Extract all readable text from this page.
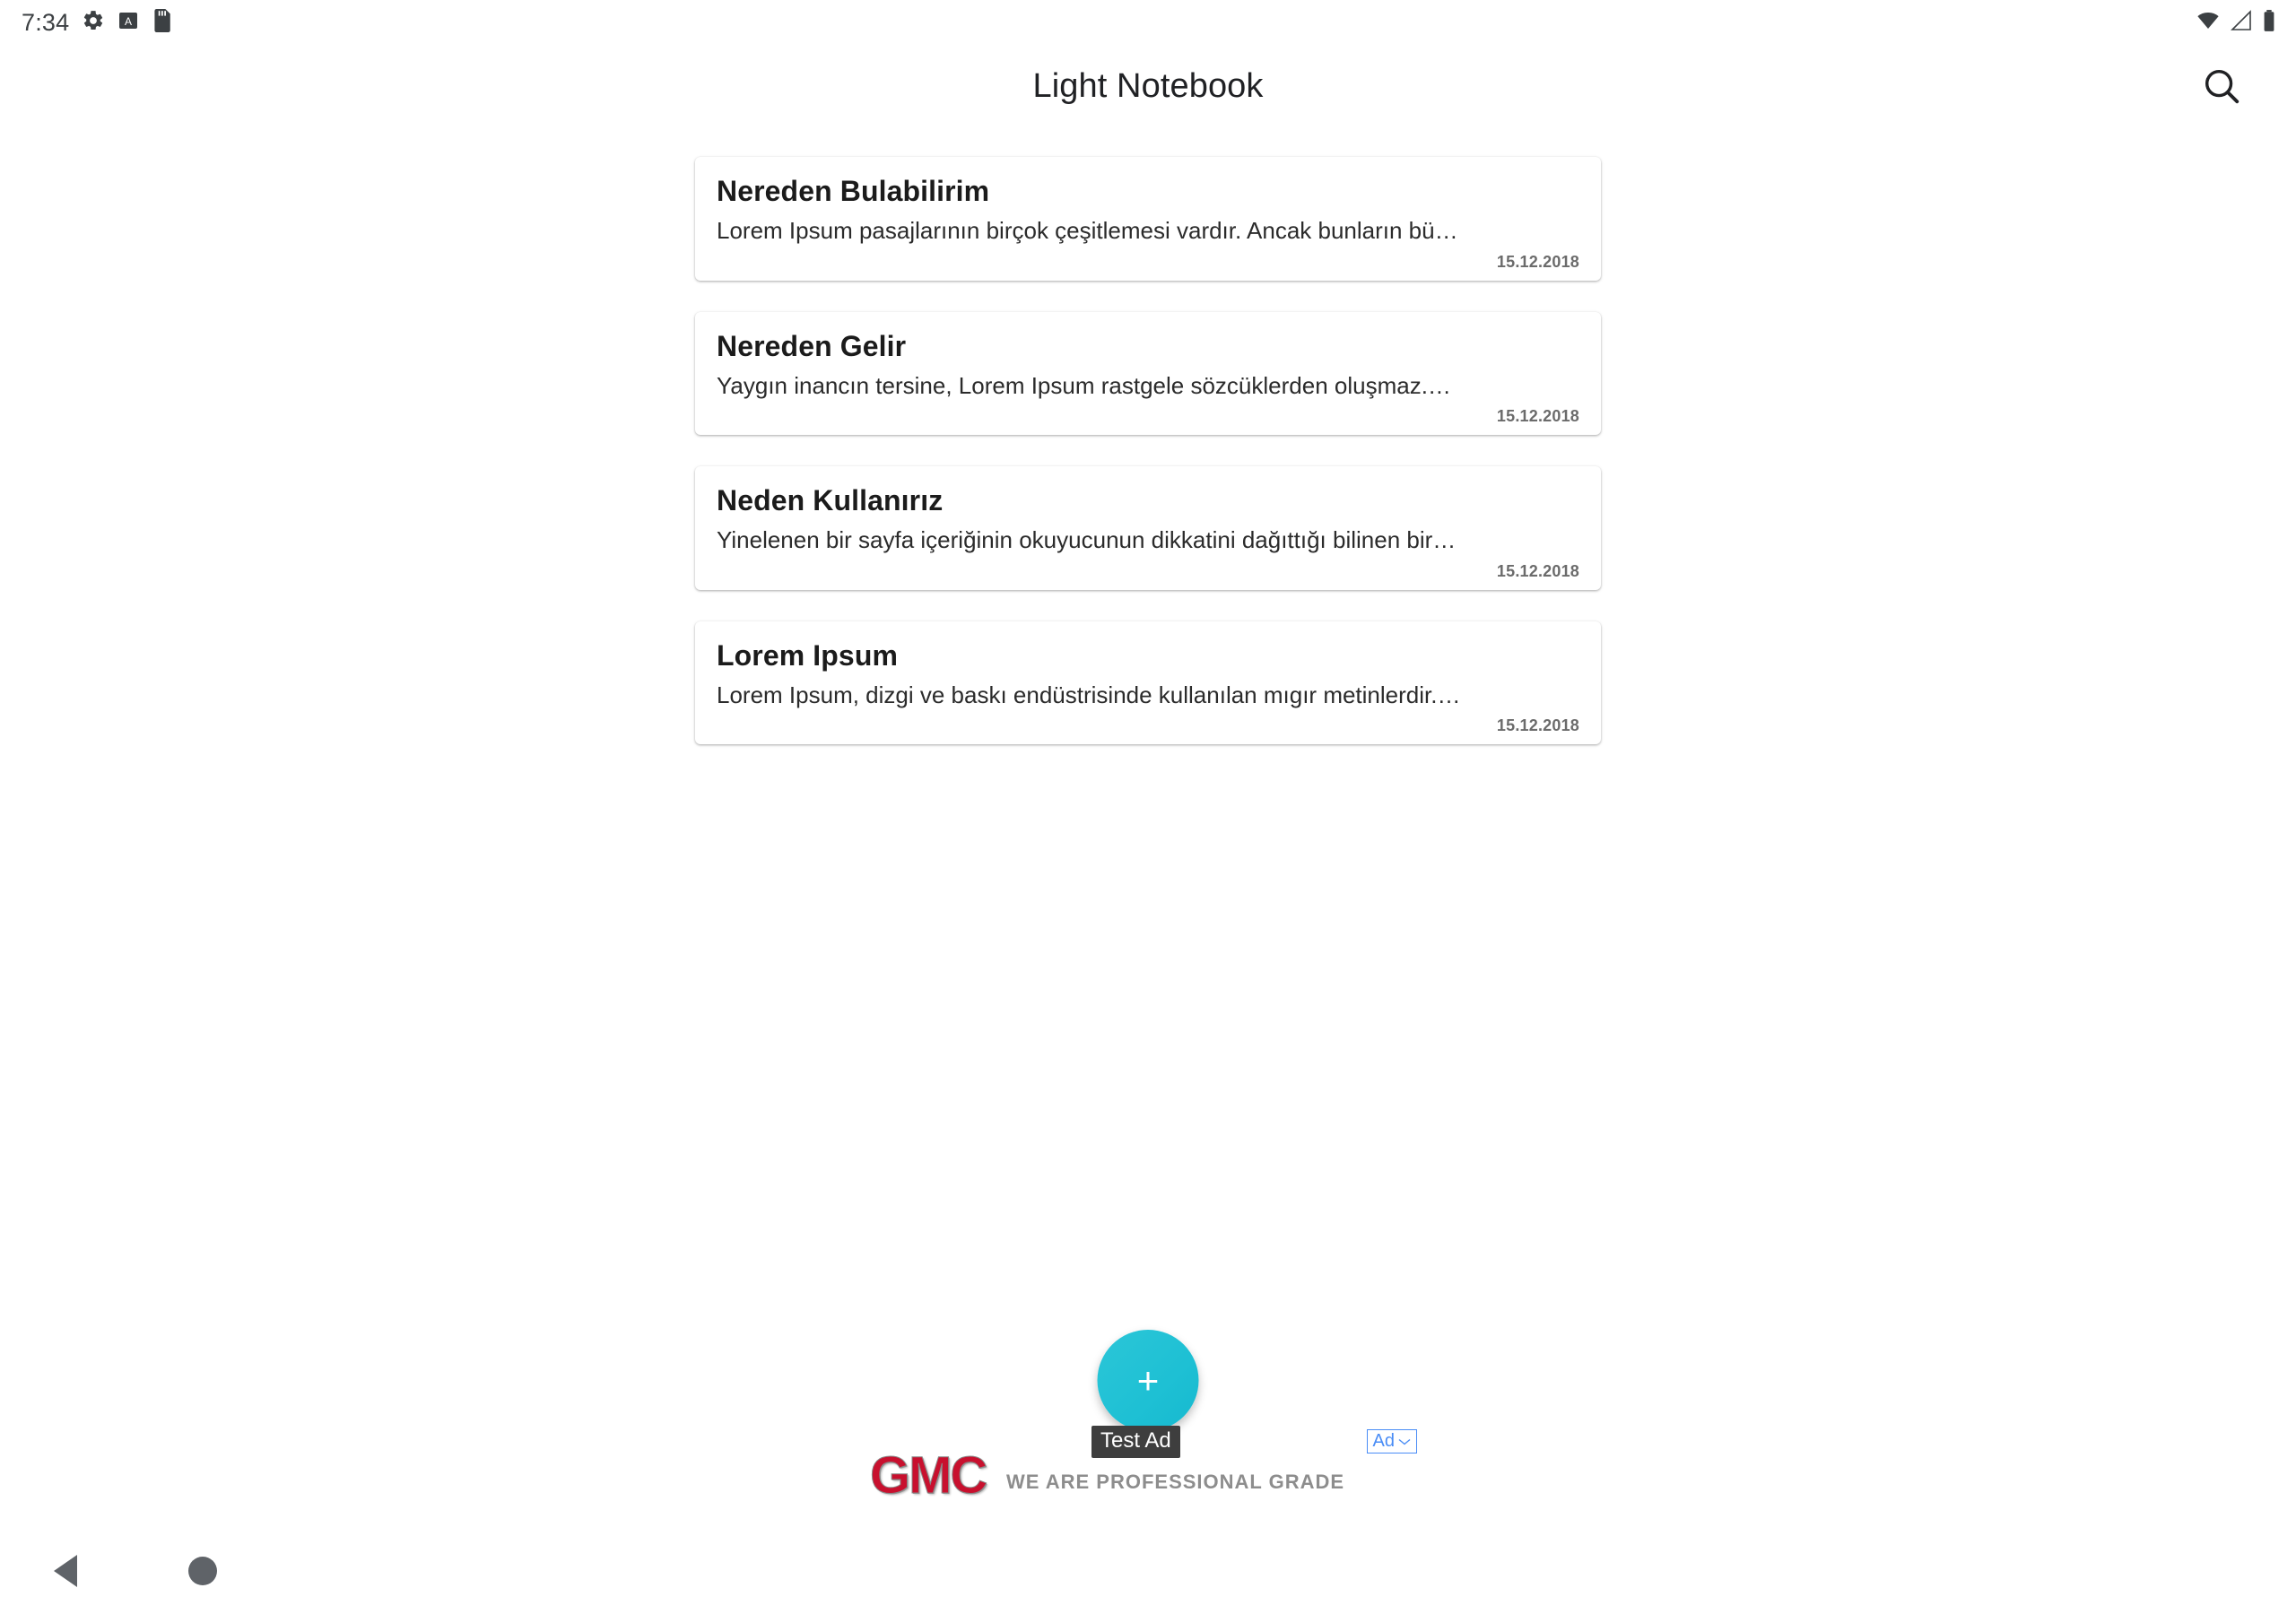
7:34	A
Light Notebook
Nereden Bulabilirim
Lorem Ipsum pasajlarının birçok çeşitlemesi vardır. Ancak bunların bü…
15.12.2018
Nereden Gelir
Yaygın inancın tersine, Lorem Ipsum rastgele sözcüklerden oluşmaz.…
15.12.2018
Neden Kullanırız
Yinelenen bir sayfa içeriğinin okuyucunun dikkatini dağıttığı bilinen bir…
15.12.2018
Lorem Ipsum
Lorem Ipsum, dizgi ve baskı endüstrisinde kullanılan mıgır metinlerdir.…
15.12.2018
+
GMC WE ARE PROFESSIONAL GRADE
Test Ad	Ad
